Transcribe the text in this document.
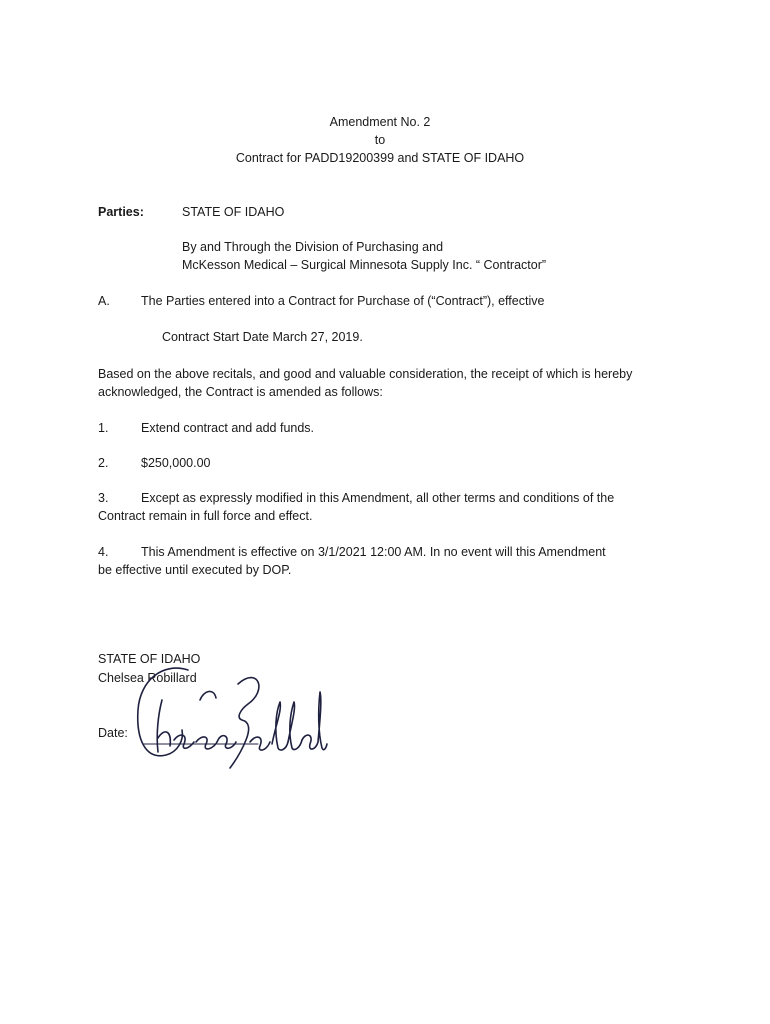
Amendment No. 2
to
Contract for PADD19200399 and STATE OF IDAHO
Parties:	STATE OF IDAHO
By and Through the Division of Purchasing and
McKesson Medical – Surgical Minnesota Supply Inc. “ Contractor”
A. The Parties entered into a Contract for Purchase of (“Contract”), effective
Contract Start Date March 27, 2019.
Based on the above recitals, and good and valuable consideration, the receipt of which is hereby acknowledged, the Contract is amended as follows:
1.	Extend contract and add funds.
2.	$250,000.00
3.	Except as expressly modified in this Amendment, all other terms and conditions of the
Contract remain in full force and effect.
4.	This Amendment is effective on 3/1/2021 12:00 AM. In no event will this Amendment
be effective until executed by DOP.
STATE OF IDAHO
Chelsea Robillard
Date:
